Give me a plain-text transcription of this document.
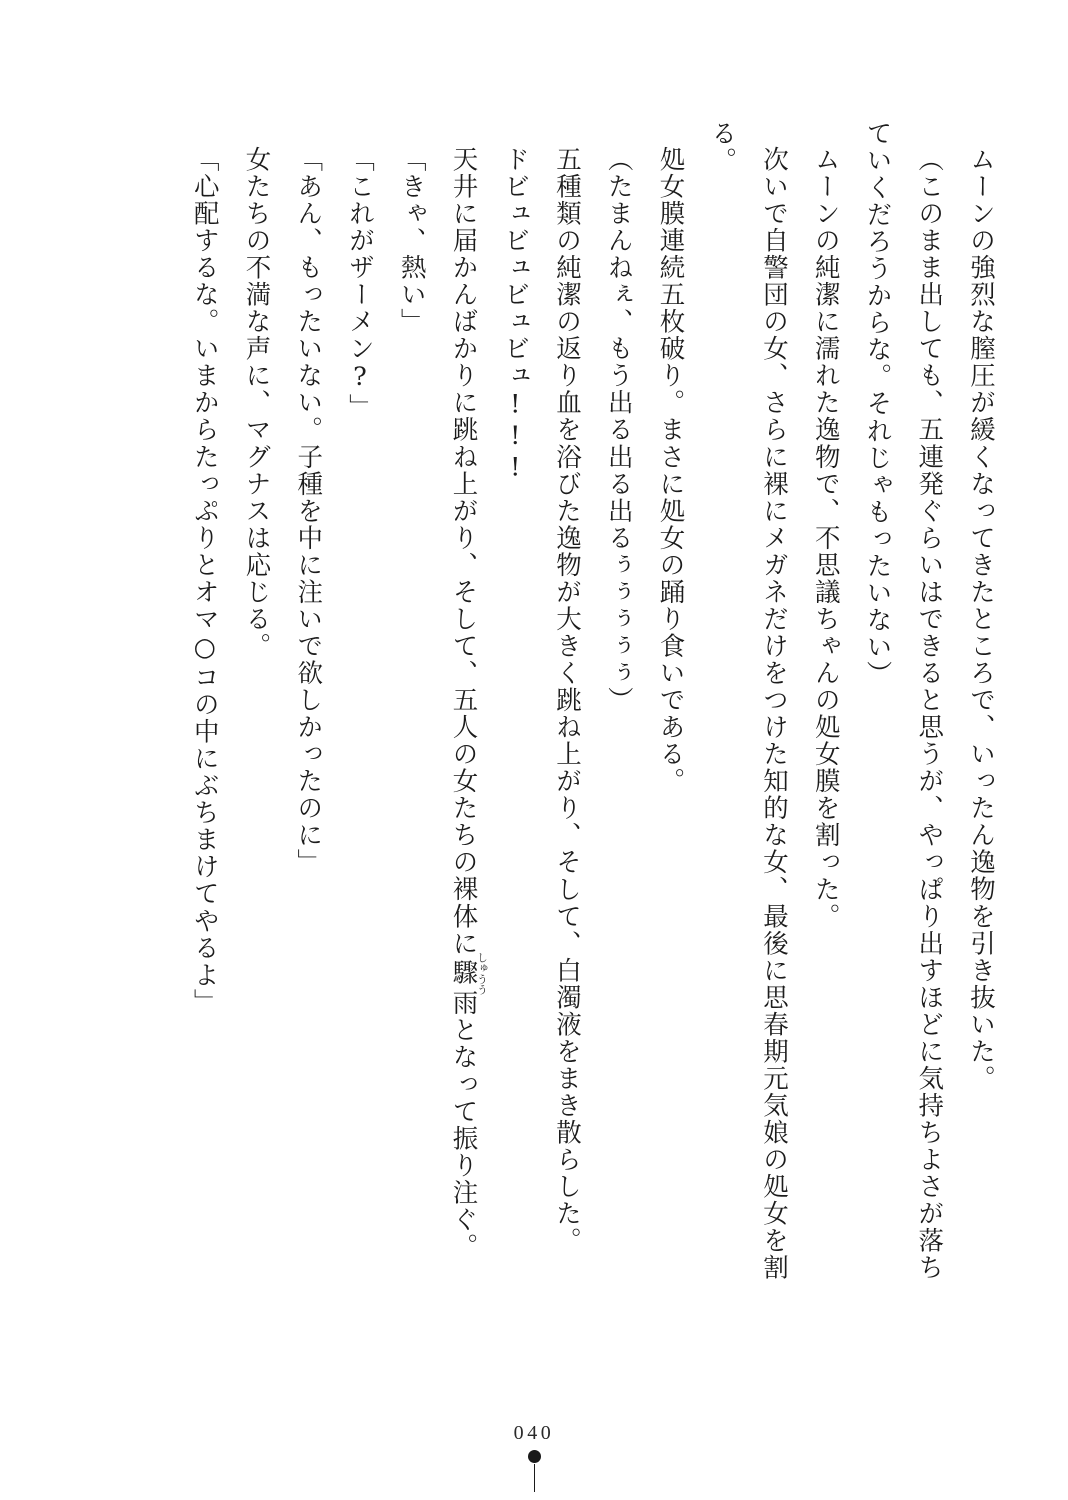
ムーンの強烈な膣圧が緩くなってきたところで、いったん逸物を引き抜いた。

（このまま出しても、五連発ぐらいはできると思うが、やっぱり出すほどに気持ちよさが落ちていくだろうからな。それじゃもったいない）

ムーンの純潔に濡れた逸物で、不思議ちゃんの処女膜を割った。

次いで自警団の女、さらに裸にメガネだけをつけた知的な女、最後に思春期元気娘の処女を割る。

処女膜連続五枚破り。まさに処女の踊り食いである。

（たまんねぇ、もう出る出る出るぅぅぅぅぅ）

五種類の純潔の返り血を浴びた逸物が大きく跳ね上がり、そして、白濁液をまき散らした。

ドビュビュビュビュ!!!

天井に届かんばかりに跳ね上がり、そして、五人の女たちの裸体に驟しゅうう雨となって振り注ぐ。

「きゃ、熱い」

「これがザーメン?」

「あん、もったいない。子種を中に注いで欲しかったのに」

女たちの不満な声に、マグナスは応じる。

「心配するな。いまからたっぷりとオマ○コの中にぶちまけてやるよ」

040
